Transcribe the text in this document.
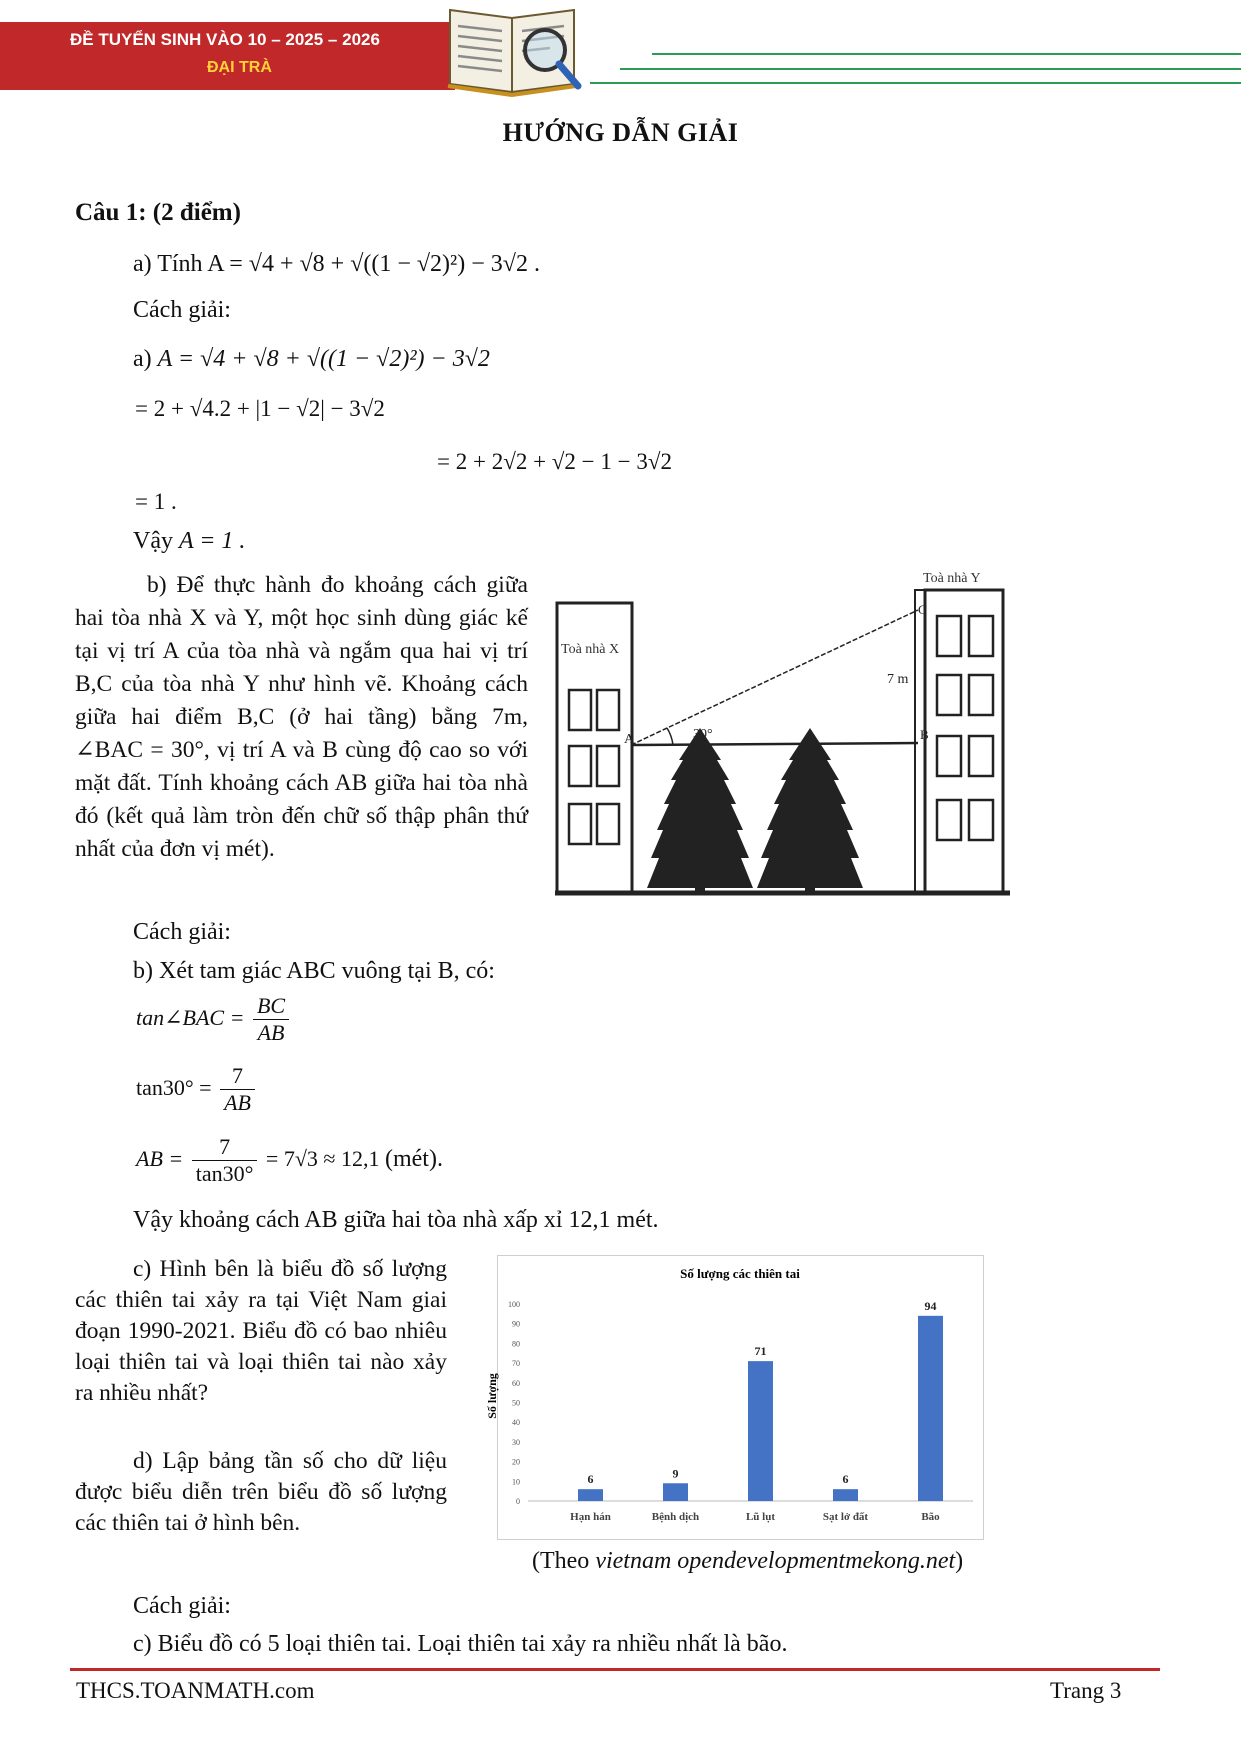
ĐỀ TUYỂN SINH VÀO 10 – 2025 – 2026
ĐẠI TRÀ
HƯỚNG DẪN GIẢI
Câu 1: (2 điểm)
a) Tính A = √4 + √8 + √((1 − √2)²) − 3√2 .
Cách giải:
a) A = √4 + √8 + √((1 − √2)²) − 3√2
= 2 + √4.2 + |1 − √2| − 3√2
= 2 + 2√2 + √2 − 1 − 3√2
= 1 .
Vậy A = 1 .
b) Để thực hành đo khoảng cách giữa hai tòa nhà X và Y, một học sinh dùng giác kế tại vị trí A của tòa nhà và ngắm qua hai vị trí B,C của tòa nhà Y như hình vẽ. Khoảng cách giữa hai điểm B,C (ở hai tầng) bằng 7m, ∠BAC = 30°, vị trí A và B cùng độ cao so với mặt đất. Tính khoảng cách AB giữa hai tòa nhà đó (kết quả làm tròn đến chữ số thập phân thứ nhất của đơn vị mét).
Toà nhà X
Toà nhà Y
A	B
C
7 m
30°
Cách giải:
b) Xét tam giác ABC vuông tại B, có:
tan∠BAC = $\frac{BC}{AB}$
$\tan 30^\circ = \frac{7}{AB}$
AB = $\frac{7}{\tan 30^\circ} = 7√3 \approx 12,1$ (mét).
Vậy khoảng cách AB giữa hai tòa nhà xấp xỉ 12,1 mét.
c) Hình bên là biểu đồ số lượng các thiên tai xảy ra tại Việt Nam giai đoạn 1990-2021. Biểu đồ có bao nhiêu loại thiên tai và loại thiên tai nào xảy ra nhiều nhất?
d) Lập bảng tần số cho dữ liệu được biểu diễn trên biểu đồ số lượng các thiên tai ở hình bên.
Số lượng các thiên tai
Số lượng
0
10
20
30
40
50
60
70
80
90
100
6
Hạn hán
9
Bệnh dịch
71
Lũ lụt
6
Sạt lở đất
94
Bão
(Theo vietnam opendevelopmentmekong.net)
Cách giải:
c) Biểu đồ có 5 loại thiên tai. Loại thiên tai xảy ra nhiều nhất là bão.
THCS.TOANMATH.com	Trang 3
